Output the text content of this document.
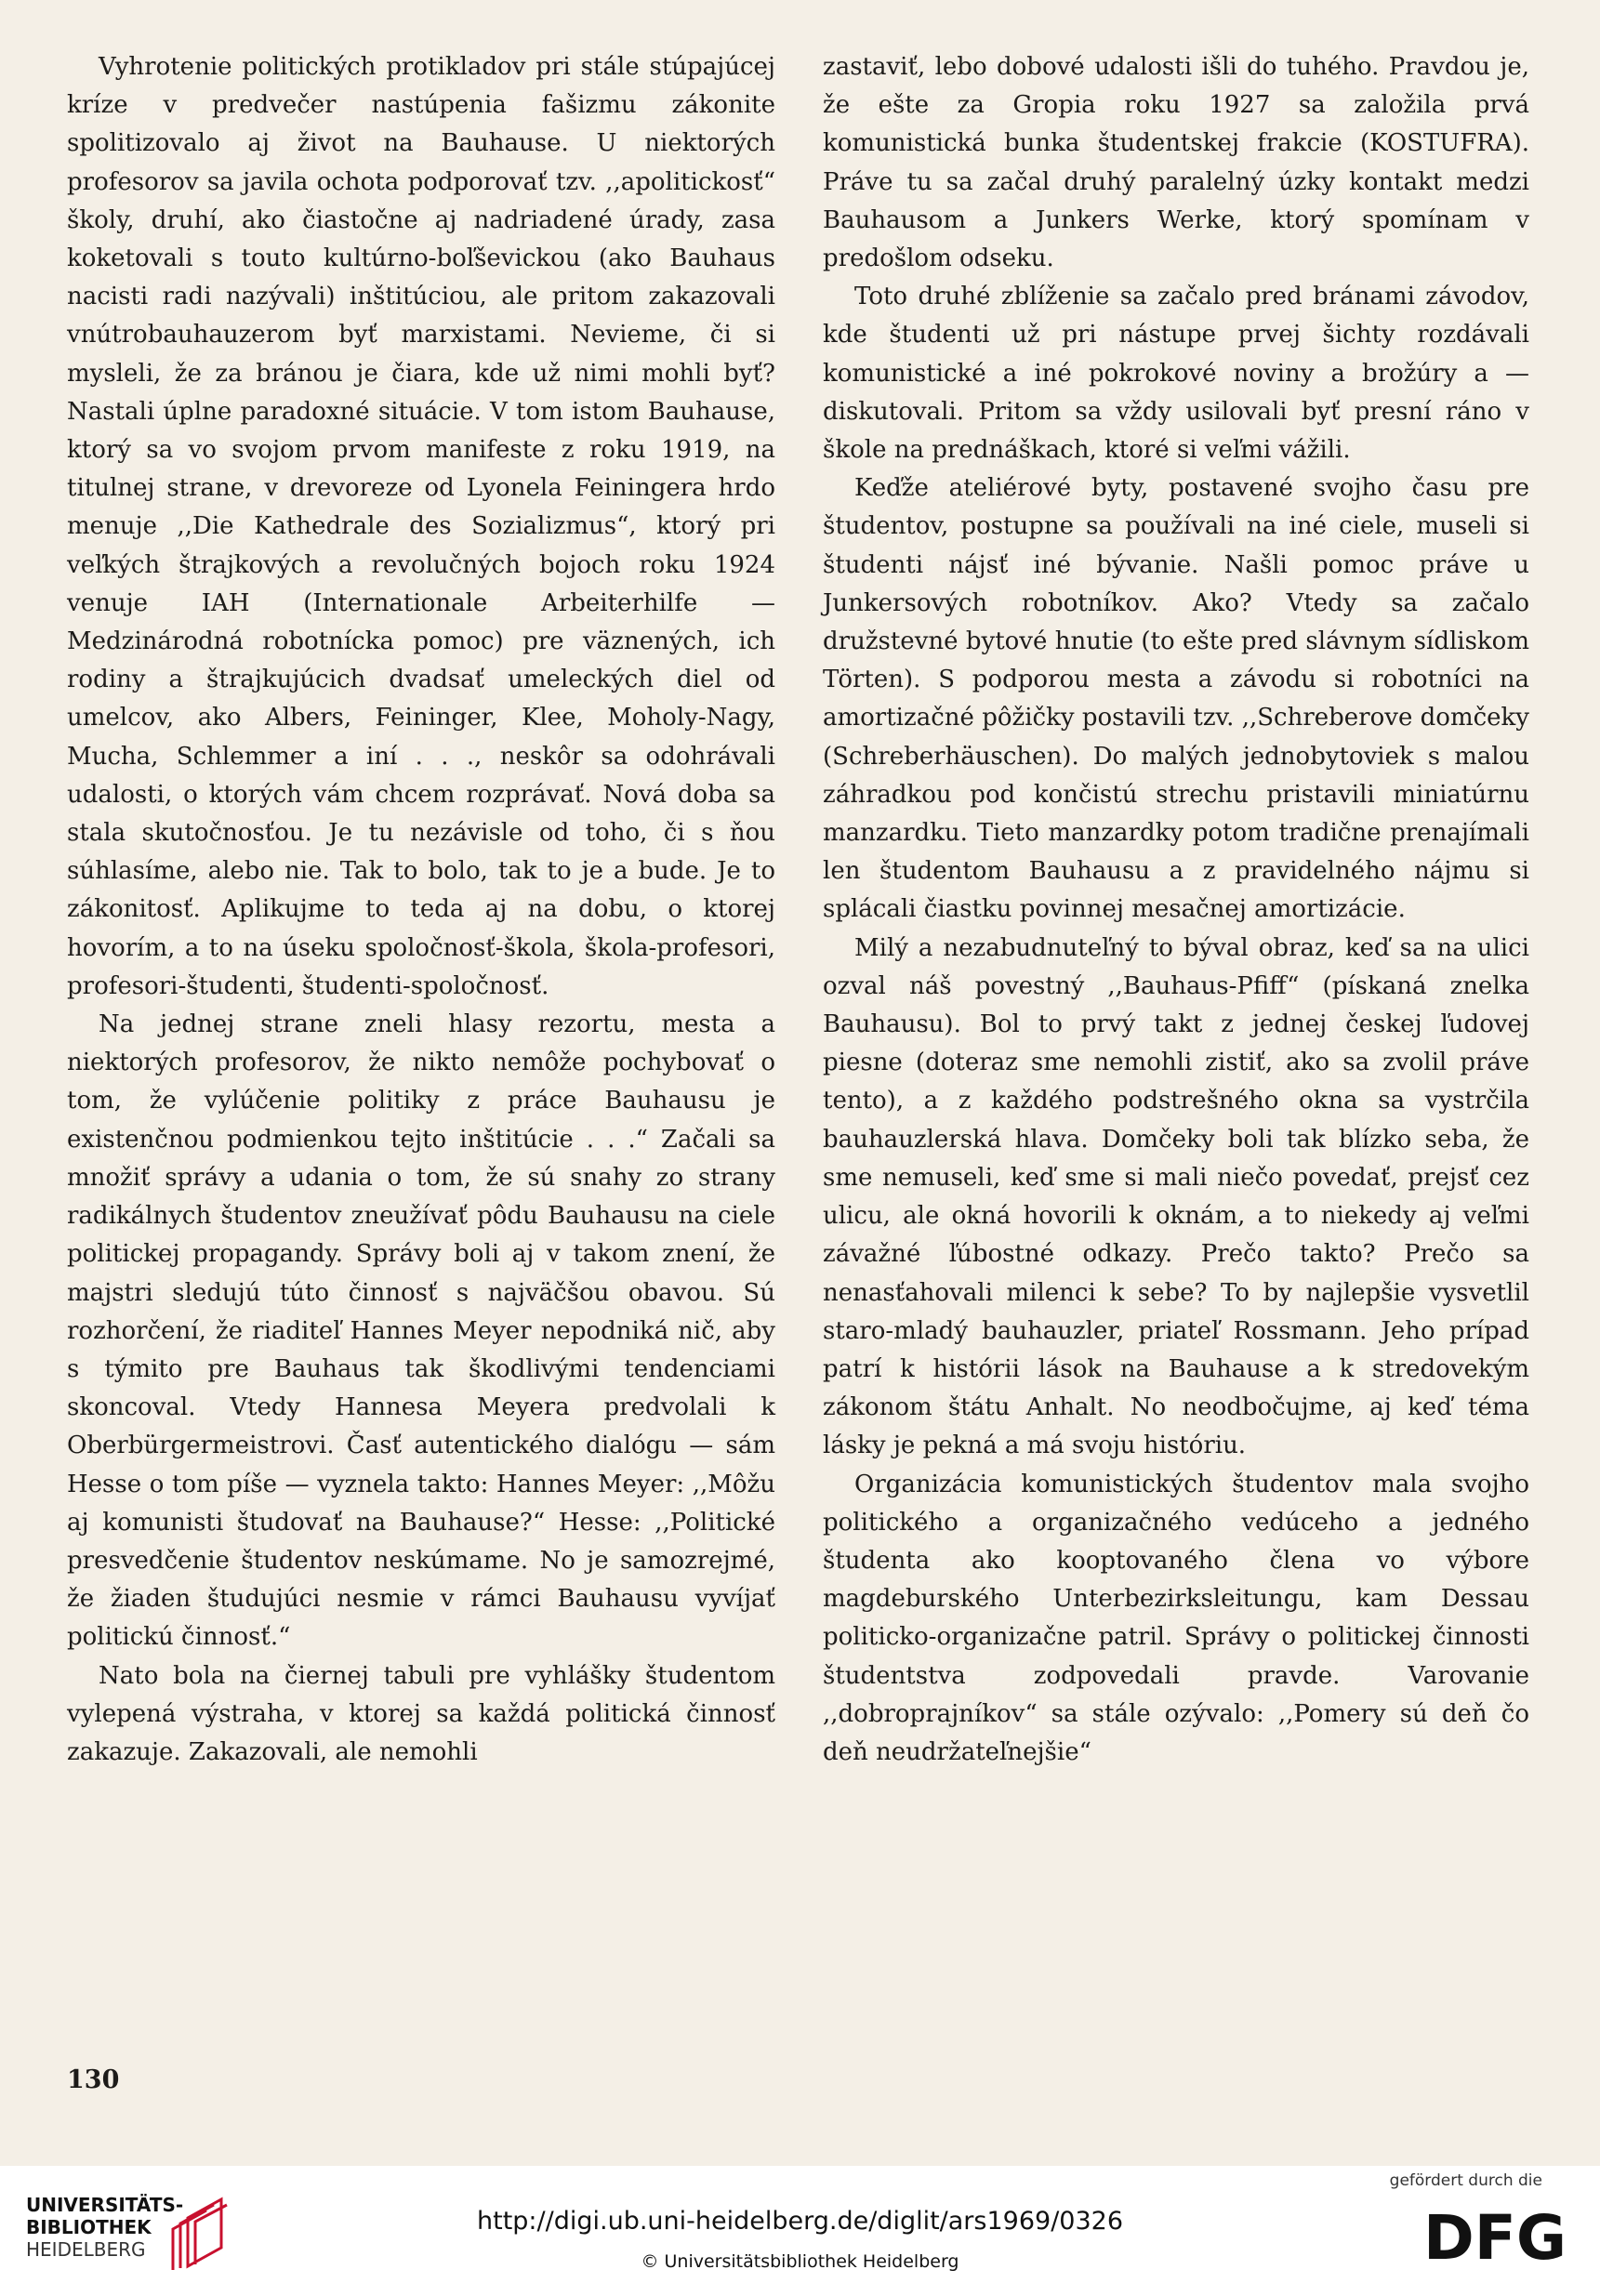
Vyhrotenie politických protikladov pri stále stúpajúcej kríze v predvečer nastúpenia fašizmu zákonite spolitizovalo aj život na Bauhause. U niektorých profesorov sa javila ochota podporovať tzv. ,,apolitickosť“ školy, druhí, ako čiastočne aj nadriadené úrady, zasa koketovali s touto kultúrno-boľševickou (ako Bauhaus nacisti radi nazývali) inštitúciou, ale pritom zakazovali vnútrobauhauzerom byť marxistami. Nevieme, či si mysleli, že za bránou je čiara, kde už nimi mohli byť? Nastali úplne paradoxné situácie. V tom istom Bauhause, ktorý sa vo svojom prvom manifeste z roku 1919, na titulnej strane, v drevoreze od Lyonela Feiningera hrdo menuje ,,Die Kathedrale des Sozializmus“, ktorý pri veľkých štrajkových a revolučných bojoch roku 1924 venuje IAH (Internationale Arbeiterhilfe — Medzinárodná robotnícka pomoc) pre väznených, ich rodiny a štrajkujúcich dvadsať umeleckých diel od umelcov, ako Albers, Feininger, Klee, Moholy-Nagy, Mucha, Schlemmer a iní . . ., neskôr sa odohrávali udalosti, o ktorých vám chcem rozprávať. Nová doba sa stala skutočnosťou. Je tu nezávisle od toho, či s ňou súhlasíme, alebo nie. Tak to bolo, tak to je a bude. Je to zákonitosť. Aplikujme to teda aj na dobu, o ktorej hovorím, a to na úseku spoločnosť-škola, škola-profesori, profesori-študenti, študenti-spoločnosť.

Na jednej strane zneli hlasy rezortu, mesta a niektorých profesorov, že nikto nemôže pochybovať o tom, že vylúčenie politiky z práce Bauhausu je existenčnou podmienkou tejto inštitúcie . . .“ Začali sa množiť správy a udania o tom, že sú snahy zo strany radikálnych študentov zneužívať pôdu Bauhausu na ciele politickej propagandy. Správy boli aj v takom znení, že majstri sledujú túto činnosť s najväčšou obavou. Sú rozhorčení, že riaditeľ Hannes Meyer nepodniká nič, aby s týmito pre Bauhaus tak škodlivými tendenciami skoncoval. Vtedy Hannesa Meyera predvolali k Oberbürgermeistrovi. Časť autentického dialógu — sám Hesse o tom píše — vyznela takto: Hannes Meyer: ,,Môžu aj komunisti študovať na Bauhause?“ Hesse: ,,Politické presvedčenie študentov neskúmame. No je samozrejmé, že žiaden študujúci nesmie v rámci Bauhausu vyvíjať politickú činnosť.“

Nato bola na čiernej tabuli pre vyhlášky študentom vylepená výstraha, v ktorej sa každá politická činnosť zakazuje. Zakazovali, ale nemohli

zastaviť, lebo dobové udalosti išli do tuhého. Pravdou je, že ešte za Gropia roku 1927 sa založila prvá komunistická bunka študentskej frakcie (KOSTUFRA). Práve tu sa začal druhý paralelný úzky kontakt medzi Bauhausom a Junkers Werke, ktorý spomínam v predošlom odseku.

Toto druhé zblíženie sa začalo pred bránami závodov, kde študenti už pri nástupe prvej šichty rozdávali komunistické a iné pokrokové noviny a brožúry a — diskutovali. Pritom sa vždy usilovali byť presní ráno v škole na prednáškach, ktoré si veľmi vážili.

Keďže ateliérové byty, postavené svojho času pre študentov, postupne sa používali na iné ciele, museli si študenti nájsť iné bývanie. Našli pomoc práve u Junkersových robotníkov. Ako? Vtedy sa začalo družstevné bytové hnutie (to ešte pred slávnym sídliskom Törten). S podporou mesta a závodu si robotníci na amortizačné pôžičky postavili tzv. ,,Schreberove domčeky (Schreberhäuschen). Do malých jednobytoviek s malou záhradkou pod končistú strechu pristavili miniatúrnu manzardku. Tieto manzardky potom tradične prenajímali len študentom Bauhausu a z pravidelného nájmu si splácali čiastku povinnej mesačnej amortizácie.

Milý a nezabudnuteľný to býval obraz, keď sa na ulici ozval náš povestný ,,Bauhaus-Pfiff“ (pískaná znelka Bauhausu). Bol to prvý takt z jednej českej ľudovej piesne (doteraz sme nemohli zistiť, ako sa zvolil práve tento), a z každého podstrešného okna sa vystrčila bauhauzlerská hlava. Domčeky boli tak blízko seba, že sme nemuseli, keď sme si mali niečo povedať, prejsť cez ulicu, ale okná hovorili k oknám, a to niekedy aj veľmi závažné ľúbostné odkazy. Prečo takto? Prečo sa nenasťahovali milenci k sebe? To by najlepšie vysvetlil staro-mladý bauhauzler, priateľ Rossmann. Jeho prípad patrí k histórii lások na Bauhause a k stredovekým zákonom štátu Anhalt. No neodbočujme, aj keď téma lásky je pekná a má svoju históriu.

Organizácia komunistických študentov mala svojho politického a organizačného vedúceho a jedného študenta ako kooptovaného člena vo výbore magdeburského Unterbezirksleitungu, kam Dessau politicko-organizačne patril. Správy o politickej činnosti študentstva zodpovedali pravde. Varovanie ,,dobroprajníkov“ sa stále ozývalo: ,,Pomery sú deň čo deň neudržateľnejšie“

130
UNIVERSITÄTS-
BIBLIOTHEK
HEIDELBERG
http://digi.ub.uni-heidelberg.de/diglit/ars1969/0326
© Universitätsbibliothek Heidelberg
gefördert durch die
DFG
